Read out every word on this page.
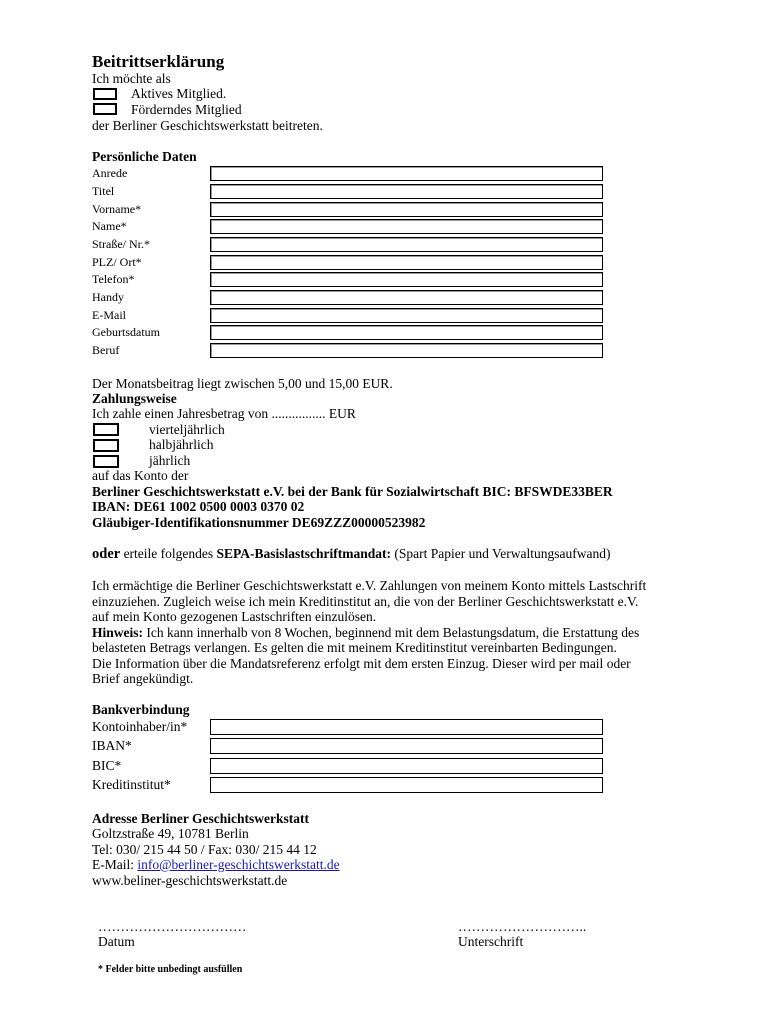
Beitrittserklärung
Ich möchte als
Aktives Mitglied.
Förderndes Mitglied
der Berliner Geschichtswerkstatt beitreten.
Persönliche Daten
Anrede
Titel
Vorname*
Name*
Straße/ Nr.*
PLZ/ Ort*
Telefon*
Handy
E-Mail
Geburtsdatum
Beruf
Der Monatsbeitrag liegt zwischen 5,00 und 15,00 EUR.
Zahlungsweise
Ich zahle einen Jahresbetrag von ................ EUR
vierteljährlich
halbjährlich
jährlich
auf das Konto der
Berliner Geschichtswerkstatt e.V. bei der Bank für Sozialwirtschaft BIC: BFSWDE33BER
IBAN: DE61 1002 0500 0003 0370 02
Gläubiger-Identifikationsnummer DE69ZZZ00000523982
oder erteile folgendes SEPA-Basislastschriftmandat: (Spart Papier und Verwaltungsaufwand)
Ich ermächtige die Berliner Geschichtswerkstatt e.V. Zahlungen von meinem Konto mittels Lastschrift
einzuziehen. Zugleich weise ich mein Kreditinstitut an, die von der Berliner Geschichtswerkstatt e.V.
auf mein Konto gezogenen Lastschriften einzulösen.
Hinweis: Ich kann innerhalb von 8 Wochen, beginnend mit dem Belastungsdatum, die Erstattung des
belasteten Betrags verlangen. Es gelten die mit meinem Kreditinstitut vereinbarten Bedingungen.
Die Information über die Mandatsreferenz erfolgt mit dem ersten Einzug. Dieser wird per mail oder
Brief angekündigt.
Bankverbindung
Kontoinhaber/in*
IBAN*
BIC*
Kreditinstitut*
Adresse Berliner Geschichtswerkstatt
Goltzstraße 49, 10781 Berlin
Tel: 030/ 215 44 50 / Fax: 030/ 215 44 12
E-Mail: info@berliner-geschichtswerkstatt.de
www.beliner-geschichtswerkstatt.de
……………………………
Datum
………………………..
Unterschrift
* Felder bitte unbedingt ausfüllen
